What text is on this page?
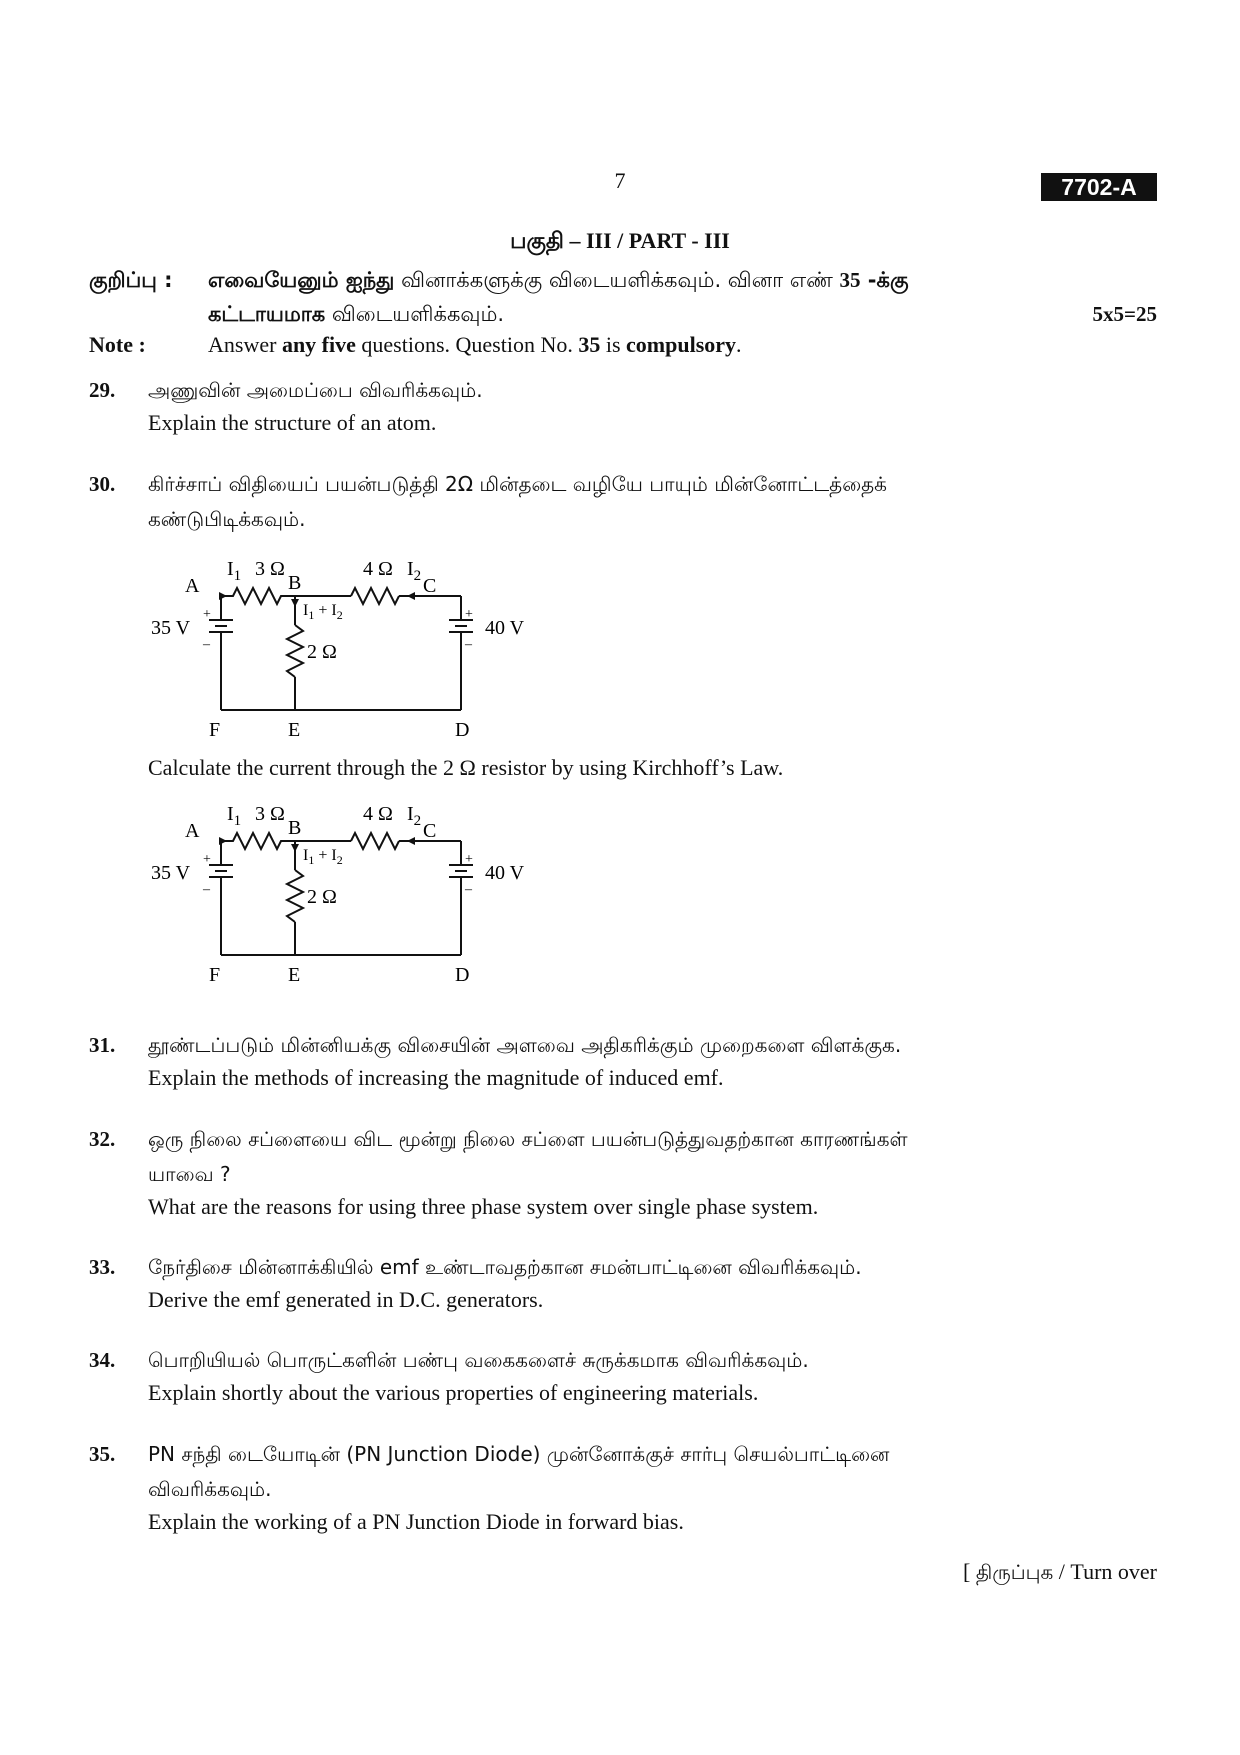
7	7702-A
பகுதி – III / PART - III
குறிப்பு : எவையேனும் ஐந்து வினாக்களுக்கு விடையளிக்கவும். வினா எண் 35 -க்கு
கட்டாயமாக விடையளிக்கவும்.	5x5=25
Note :	Answer any five questions. Question No. 35 is compulsory.
29. அணுவின் அமைப்பை விவரிக்கவும்.
Explain the structure of an atom.
30. கிர்ச்சாப் விதியைப் பயன்படுத்தி 2Ω மின்தடை வழியே பாயும் மின்னோட்டத்தைக்
கண்டுபிடிக்கவும்.
A	B	C
D
E
F
$I_1$ 3 Ω	4 Ω $I_2$
$I_1 + I_2$
2 Ω
35 V	40 V
+
–
+
–
Calculate the current through the 2 Ω resistor by using Kirchhoff’s Law.
A	B	C
D
E
F
$I_1$ 3 Ω	4 Ω $I_2$
$I_1 + I_2$
2 Ω
35 V	40 V
+
–
+
–
31. தூண்டப்படும் மின்னியக்கு விசையின் அளவை அதிகரிக்கும் முறைகளை விளக்குக.
Explain the methods of increasing the magnitude of induced emf.
32. ஒரு நிலை சப்ளையை விட மூன்று நிலை சப்ளை பயன்படுத்துவதற்கான காரணங்கள்
யாவை ?
What are the reasons for using three phase system over single phase system.
33. நேர்திசை மின்னாக்கியில் emf உண்டாவதற்கான சமன்பாட்டினை விவரிக்கவும்.
Derive the emf generated in D.C. generators.
34. பொறியியல் பொருட்களின் பண்பு வகைகளைச் சுருக்கமாக விவரிக்கவும்.
Explain shortly about the various properties of engineering materials.
35. PN சந்தி டையோடின் (PN Junction Diode) முன்னோக்குச் சார்பு செயல்பாட்டினை
விவரிக்கவும்.
Explain the working of a PN Junction Diode in forward bias.
[ திருப்புக / Turn over
